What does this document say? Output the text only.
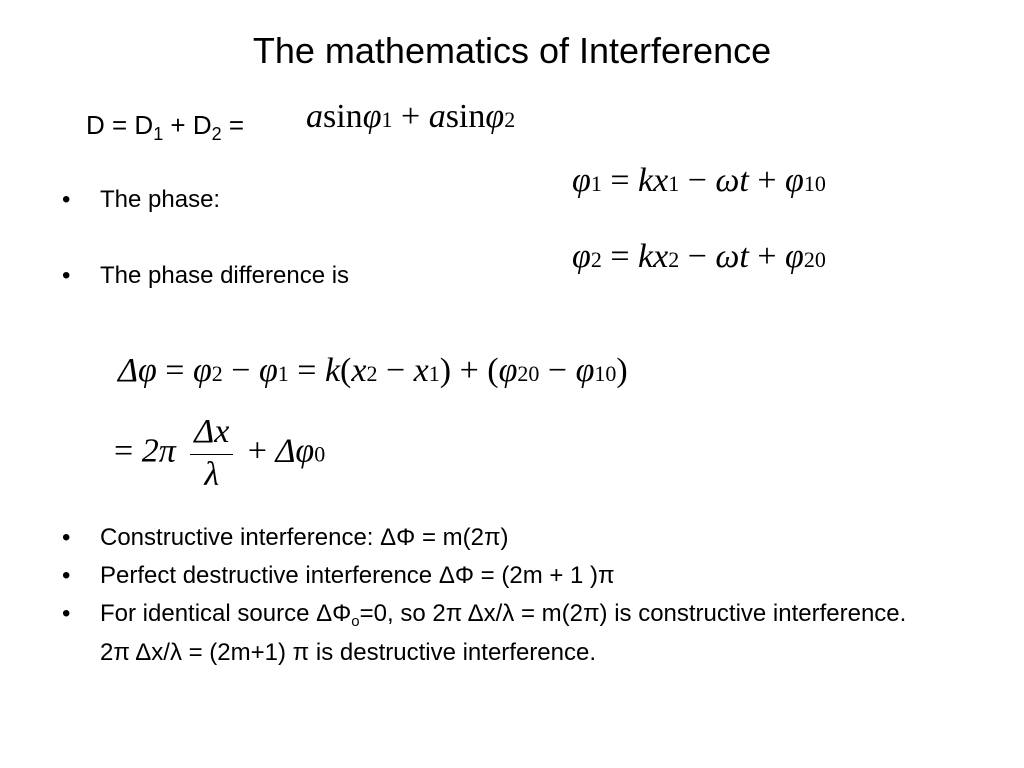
The mathematics of Interference
$D = D_1 + D_2 = asin\varphi 1 + asin\varphi 2$
φ1 = kx1 − ωt + φ10
φ2 = kx2 − ωt + φ20
• The phase:
• The phase difference is
Δφ = φ2 − φ1 = k(x2 − x1) + (φ20 − φ10)
= $2\pi \frac{\Delta x}{\lambda} + \Delta\varphi 0$
• Constructive interference: ΔΦ = m(2π)
• Perfect destructive interference ΔΦ = (2m + 1 )π
• For identical source $\Delta\Phi_o=0$, so 2π Δx/λ = m(2π) is constructive interference. 2π Δx/λ = (2m+1) π is destructive interference.
